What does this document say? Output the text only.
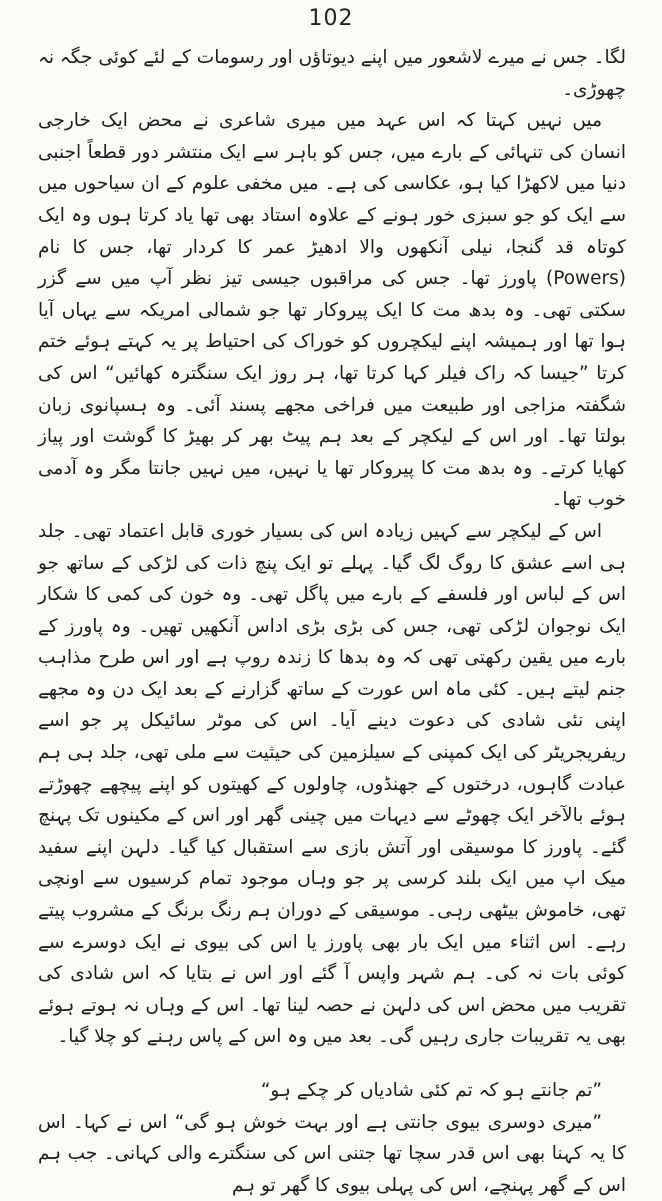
102

لگا۔ جس نے میرے لاشعور میں اپنے دیوتاؤں اور رسومات کے لئے کوئی جگہ نہ چھوڑی۔

میں نہیں کہتا کہ اس عہد میں میری شاعری نے محض ایک خارجی انسان کی تنہائی کے بارے میں، جس کو باہر سے ایک منتشر دور قطعاً اجنبی دنیا میں لاکھڑا کیا ہو، عکاسی کی ہے۔ میں مخفی علوم کے ان سیاحوں میں سے ایک کو جو سبزی خور ہونے کے علاوہ استاد بھی تھا یاد کرتا ہوں وہ ایک کوتاہ قد گنجا، نیلی آنکھوں والا ادھیڑ عمر کا کردار تھا، جس کا نام (Powers) پاورز تھا۔ جس کی مراقبوں جیسی تیز نظر آپ میں سے گزر سکتی تھی۔ وہ بدھ مت کا ایک پیروکار تھا جو شمالی امریکہ سے یہاں آیا ہوا تھا اور ہمیشہ اپنے لیکچروں کو خوراک کی احتیاط پر یہ کہتے ہوئے ختم کرتا ”جیسا کہ راک فیلر کہا کرتا تھا، ہر روز ایک سنگترہ کھائیں“ اس کی شگفتہ مزاجی اور طبیعت میں فراخی مجھے پسند آئی۔ وہ ہسپانوی زبان بولتا تھا۔ اور اس کے لیکچر کے بعد ہم پیٹ بھر کر بھیڑ کا گوشت اور پیاز کھایا کرتے۔ وہ بدھ مت کا پیروکار تھا یا نہیں، میں نہیں جانتا مگر وہ آدمی خوب تھا۔

اس کے لیکچر سے کہیں زیادہ اس کی بسیار خوری قابل اعتماد تھی۔ جلد ہی اسے عشق کا روگ لگ گیا۔ پہلے تو ایک پنچ ذات کی لڑکی کے ساتھ جو اس کے لباس اور فلسفے کے بارے میں پاگل تھی۔ وہ خون کی کمی کا شکار ایک نوجوان لڑکی تھی، جس کی بڑی بڑی اداس آنکھیں تھیں۔ وہ پاورز کے بارے میں یقین رکھتی تھی کہ وہ بدھا کا زندہ روپ ہے اور اس طرح مذاہب جنم لیتے ہیں۔ کئی ماہ اس عورت کے ساتھ گزارنے کے بعد ایک دن وہ مجھے اپنی نئی شادی کی دعوت دینے آیا۔ اس کی موٹر سائیکل پر جو اسے ریفریجریٹر کی ایک کمپنی کے سیلزمین کی حیثیت سے ملی تھی، جلد ہی ہم عبادت گاہوں، درختوں کے جھنڈوں، چاولوں کے کھیتوں کو اپنے پیچھے چھوڑتے ہوئے بالآخر ایک چھوٹے سے دیہات میں چینی گھر اور اس کے مکینوں تک پہنچ گئے۔ پاورز کا موسیقی اور آتش بازی سے استقبال کیا گیا۔ دلہن اپنے سفید میک اپ میں ایک بلند کرسی پر جو وہاں موجود تمام کرسیوں سے اونچی تھی، خاموش بیٹھی رہی۔ موسیقی کے دوران ہم رنگ برنگ کے مشروب پیتے رہے۔ اس اثناء میں ایک بار بھی پاورز یا اس کی بیوی نے ایک دوسرے سے کوئی بات نہ کی۔ ہم شہر واپس آ گئے اور اس نے بتایا کہ اس شادی کی تقریب میں محض اس کی دلہن نے حصہ لینا تھا۔ اس کے وہاں نہ ہوتے ہوئے بھی یہ تقریبات جاری رہیں گی۔ بعد میں وہ اس کے پاس رہنے کو چلا گیا۔

”تم جانتے ہو کہ تم کئی شادیاں کر چکے ہو“

”میری دوسری بیوی جانتی ہے اور بہت خوش ہو گی“ اس نے کہا۔ اس کا یہ کہنا بھی اس قدر سچا تھا جتنی اس کی سنگترے والی کہانی۔ جب ہم اس کے گھر پہنچے، اس کی پہلی بیوی کا گھر تو ہم
